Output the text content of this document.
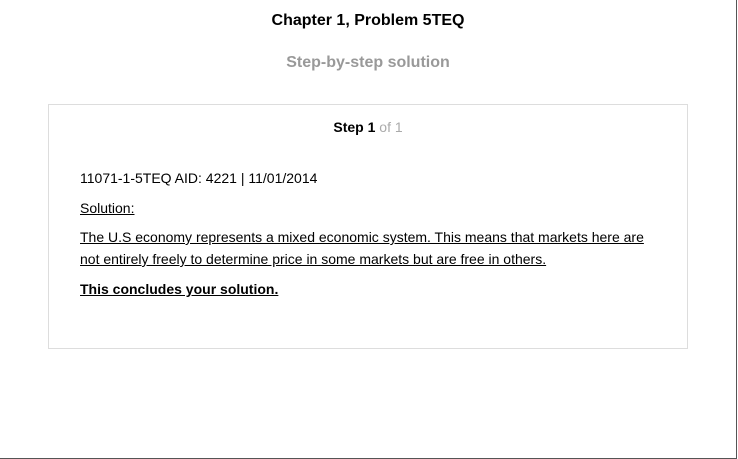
Chapter 1, Problem 5TEQ
Step-by-step solution
Step 1 of 1

11071-1-5TEQ AID: 4221 | 11/01/2014

Solution:

The U.S economy represents a mixed economic system. This means that markets here are not entirely freely to determine price in some markets but are free in others.

This concludes your solution.
